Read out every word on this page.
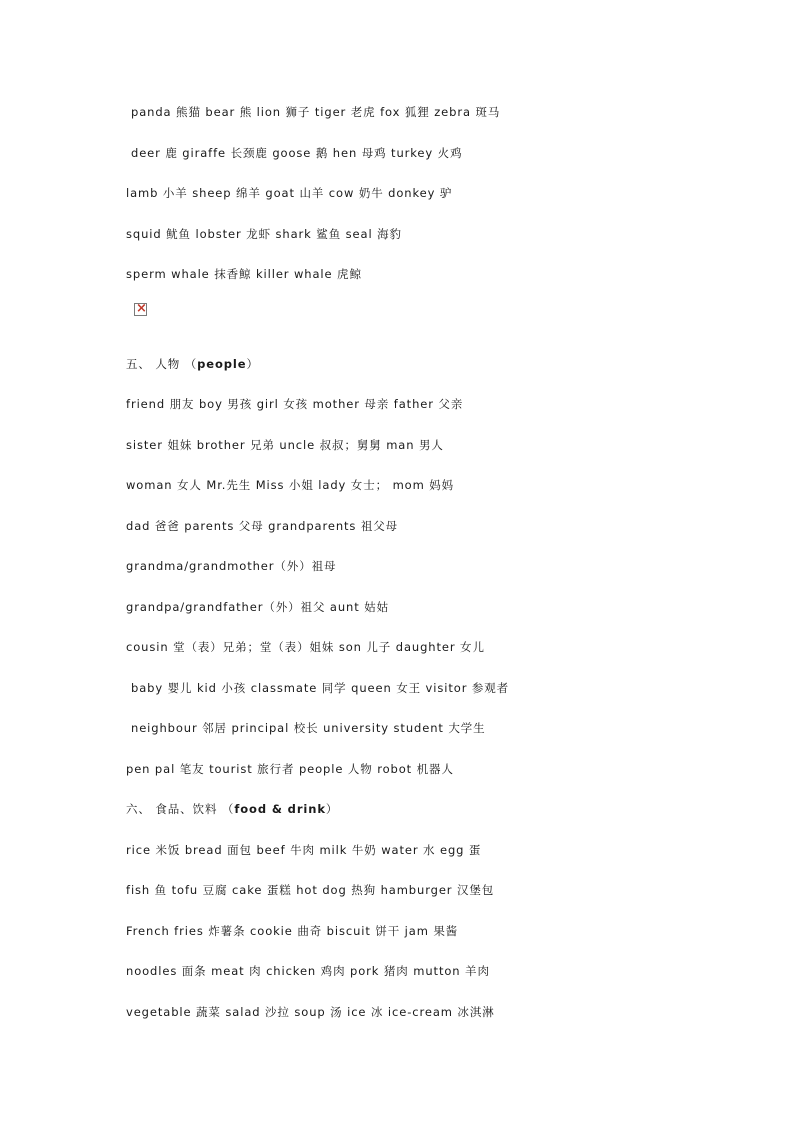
panda 熊猫 bear 熊 lion 狮子 tiger 老虎 fox 狐狸 zebra 斑马
deer 鹿 giraffe 长颈鹿 goose 鹅 hen 母鸡 turkey 火鸡
lamb 小羊 sheep 绵羊 goat 山羊 cow 奶牛 donkey 驴
squid 鱿鱼 lobster 龙虾 shark 鲨鱼 seal 海豹
sperm whale 抹香鲸 killer whale 虎鲸
×
五、 人物 （people）
friend 朋友 boy 男孩 girl 女孩 mother 母亲 father 父亲
sister 姐妹 brother 兄弟 uncle 叔叔；舅舅 man 男人
woman 女人 Mr.先生 Miss 小姐 lady 女士； mom 妈妈
dad 爸爸 parents 父母 grandparents 祖父母
grandma/grandmother（外）祖母
grandpa/grandfather（外）祖父 aunt 姑姑
cousin 堂（表）兄弟；堂（表）姐妹 son 儿子 daughter 女儿
baby 婴儿 kid 小孩 classmate 同学 queen 女王 visitor 参观者
neighbour 邻居 principal 校长 university student 大学生
pen pal 笔友 tourist 旅行者 people 人物 robot 机器人
六、 食品、饮料 （food & drink）
rice 米饭 bread 面包 beef 牛肉 milk 牛奶 water 水 egg 蛋
fish 鱼 tofu 豆腐 cake 蛋糕 hot dog 热狗 hamburger 汉堡包
French fries 炸薯条 cookie 曲奇 biscuit 饼干 jam 果酱
noodles 面条 meat 肉 chicken 鸡肉 pork 猪肉 mutton 羊肉
vegetable 蔬菜 salad 沙拉 soup 汤 ice 冰 ice-cream 冰淇淋
